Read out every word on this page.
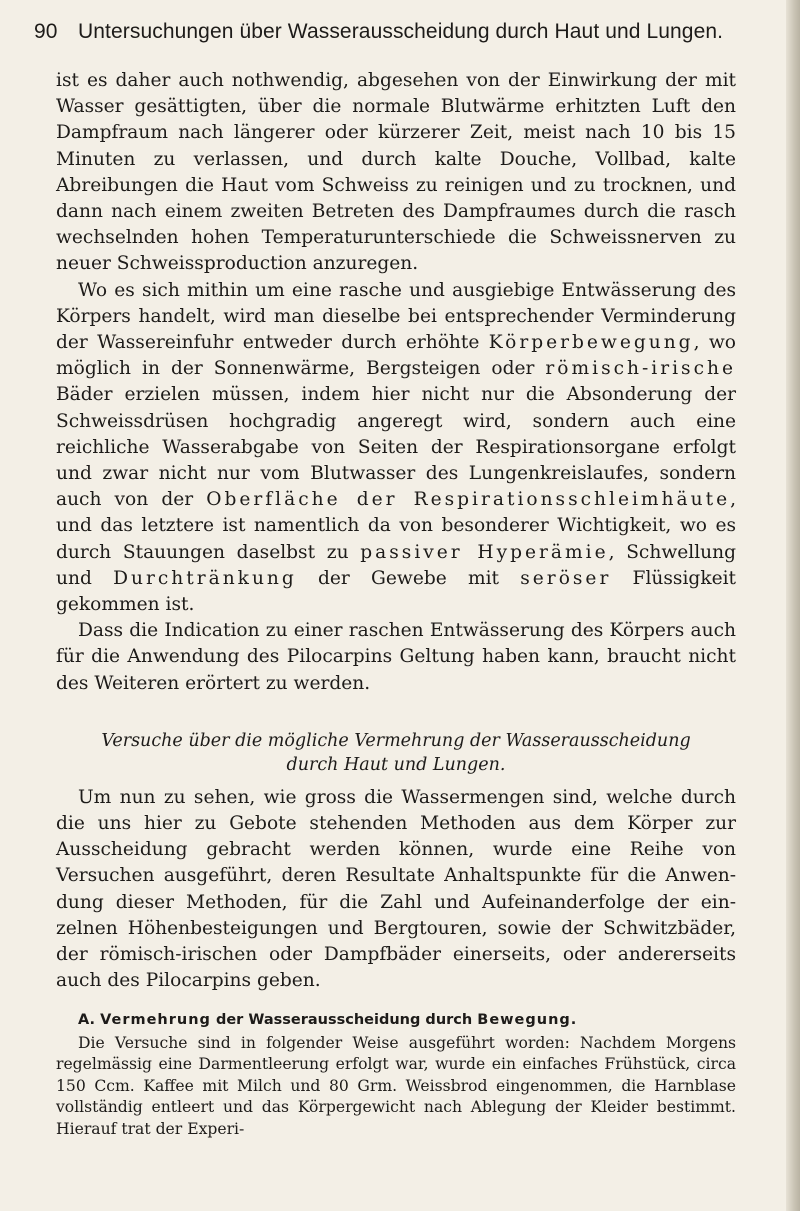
90 Untersuchungen über Wasserausscheidung durch Haut und Lungen.

ist es daher auch nothwendig, abgesehen von der Einwirkung der mit Wasser gesättigten, über die normale Blutwärme erhitzten Luft den Dampfraum nach längerer oder kürzerer Zeit, meist nach 10 bis 15 Minuten zu verlassen, und durch kalte Douche, Vollbad, kalte Abreibungen die Haut vom Schweiss zu reinigen und zu trocknen, und dann nach einem zweiten Betreten des Dampfraumes durch die rasch wechselnden hohen Temperaturunterschiede die Schweissnerven zu neuer Schweissproduction anzuregen.

Wo es sich mithin um eine rasche und ausgiebige Entwässerung des Körpers handelt, wird man dieselbe bei entsprechender Verminderung der Wassereinfuhr entweder durch erhöhte Körperbewegung, wo möglich in der Sonnenwärme, Bergsteigen oder römisch-irische Bäder erzielen müssen, indem hier nicht nur die Absonderung der Schweissdrüsen hochgradig angeregt wird, sondern auch eine reichliche Wasserabgabe von Seiten der Respirationsorgane erfolgt und zwar nicht nur vom Blutwasser des Lungenkreislaufes, sondern auch von der Oberfläche der Respirationsschleimhäute, und das letztere ist namentlich da von besonderer Wichtigkeit, wo es durch Stauungen daselbst zu passiver Hyperämie, Schwellung und Durchtränkung der Gewebe mit seröser Flüssigkeit gekommen ist.

Dass die Indication zu einer raschen Entwässerung des Körpers auch für die Anwendung des Pilocarpins Geltung haben kann, braucht nicht des Weiteren erörtert zu werden.

Versuche über die mögliche Vermehrung der Wasserausscheidung
durch Haut und Lungen.

Um nun zu sehen, wie gross die Wassermengen sind, welche durch die uns hier zu Gebote stehenden Methoden aus dem Körper zur Ausscheidung gebracht werden können, wurde eine Reihe von Versuchen ausgeführt, deren Resultate Anhaltspunkte für die Anwendung dieser Methoden, für die Zahl und Aufeinanderfolge der einzelnen Höhenbesteigungen und Bergtouren, sowie der Schwitzbäder, der römisch-irischen oder Dampfbäder einerseits, oder andererseits auch des Pilocarpins geben.

A. Vermehrung der Wasserausscheidung durch Bewegung.

Die Versuche sind in folgender Weise ausgeführt worden: Nachdem Morgens regelmässig eine Darmentleerung erfolgt war, wurde ein einfaches Frühstück, circa 150 Ccm. Kaffee mit Milch und 80 Grm. Weissbrod eingenommen, die Harnblase vollständig entleert und das Körpergewicht nach Ablegung der Kleider bestimmt. Hierauf trat der Experi-
